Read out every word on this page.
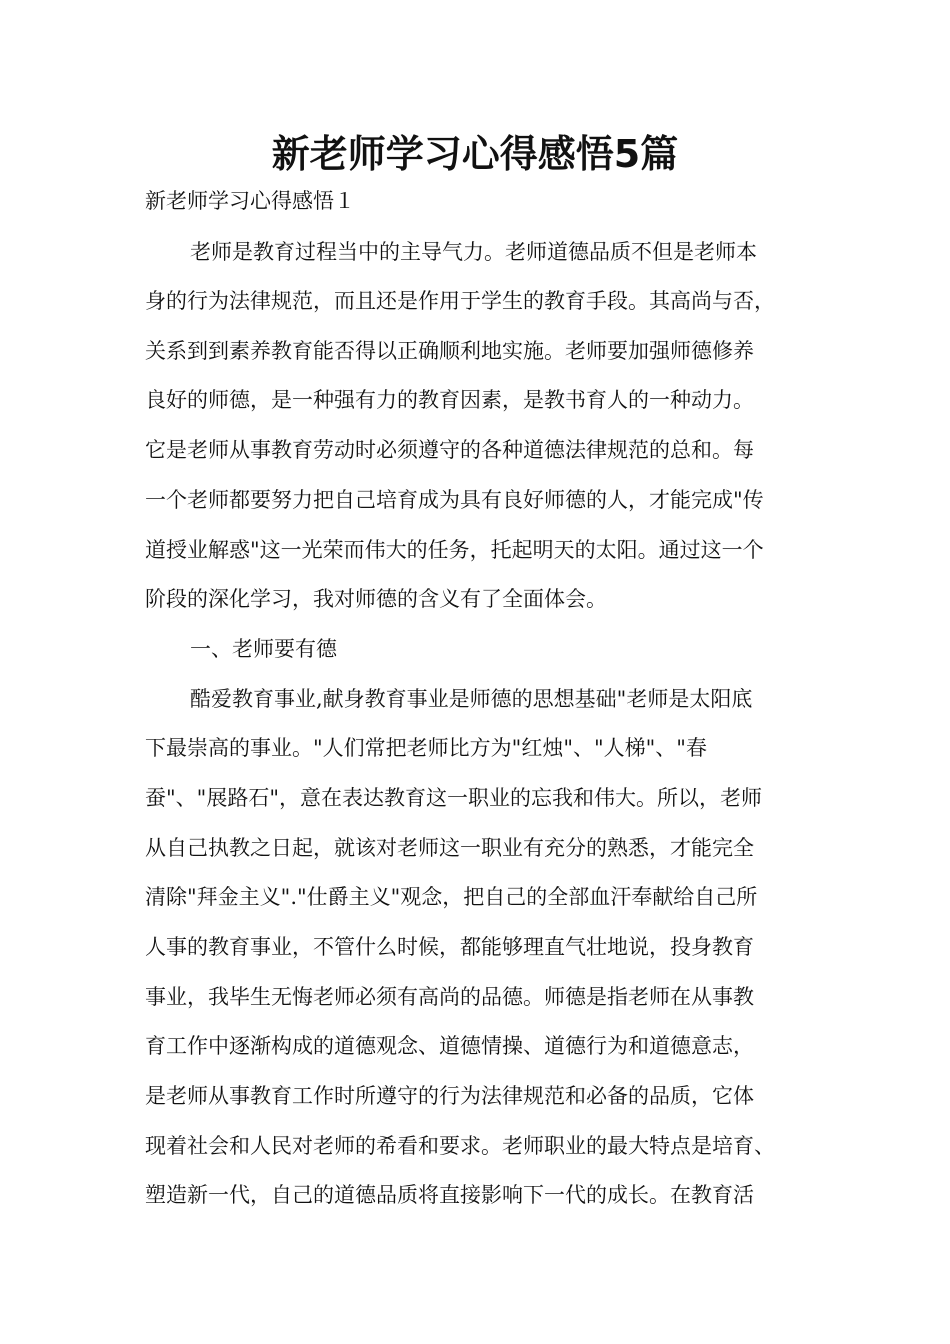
新老师学习心得感悟5篇
新老师学习心得感悟１
老师是教育过程当中的主导气力。老师道德品质不但是老师本
身的行为法律规范，而且还是作用于学生的教育手段。其高尚与否，
关系到到素养教育能否得以正确顺利地实施。老师要加强师德修养
良好的师德，是一种强有力的教育因素，是教书育人的一种动力。
它是老师从事教育劳动时必须遵守的各种道德法律规范的总和。每
一个老师都要努力把自己培育成为具有良好师德的人，才能完成"传
道授业解惑"这一光荣而伟大的任务，托起明天的太阳。通过这一个
阶段的深化学习，我对师德的含义有了全面体会。
一、老师要有德
酷爱教育事业,献身教育事业是师德的思想基础"老师是太阳底
下最崇高的事业。"人们常把老师比方为"红烛"、"人梯"、"春
蚕"、"展路石"，意在表达教育这一职业的忘我和伟大。所以，老师
从自己执教之日起，就该对老师这一职业有充分的熟悉，才能完全
清除"拜金主义"."仕爵主义"观念，把自己的全部血汗奉献给自己所
人事的教育事业，不管什么时候，都能够理直气壮地说，投身教育
事业，我毕生无悔老师必须有高尚的品德。师德是指老师在从事教
育工作中逐渐构成的道德观念、道德情操、道德行为和道德意志，
是老师从事教育工作时所遵守的行为法律规范和必备的品质，它体
现着社会和人民对老师的希看和要求。老师职业的最大特点是培育、
塑造新一代，自己的道德品质将直接影响下一代的成长。在教育活
